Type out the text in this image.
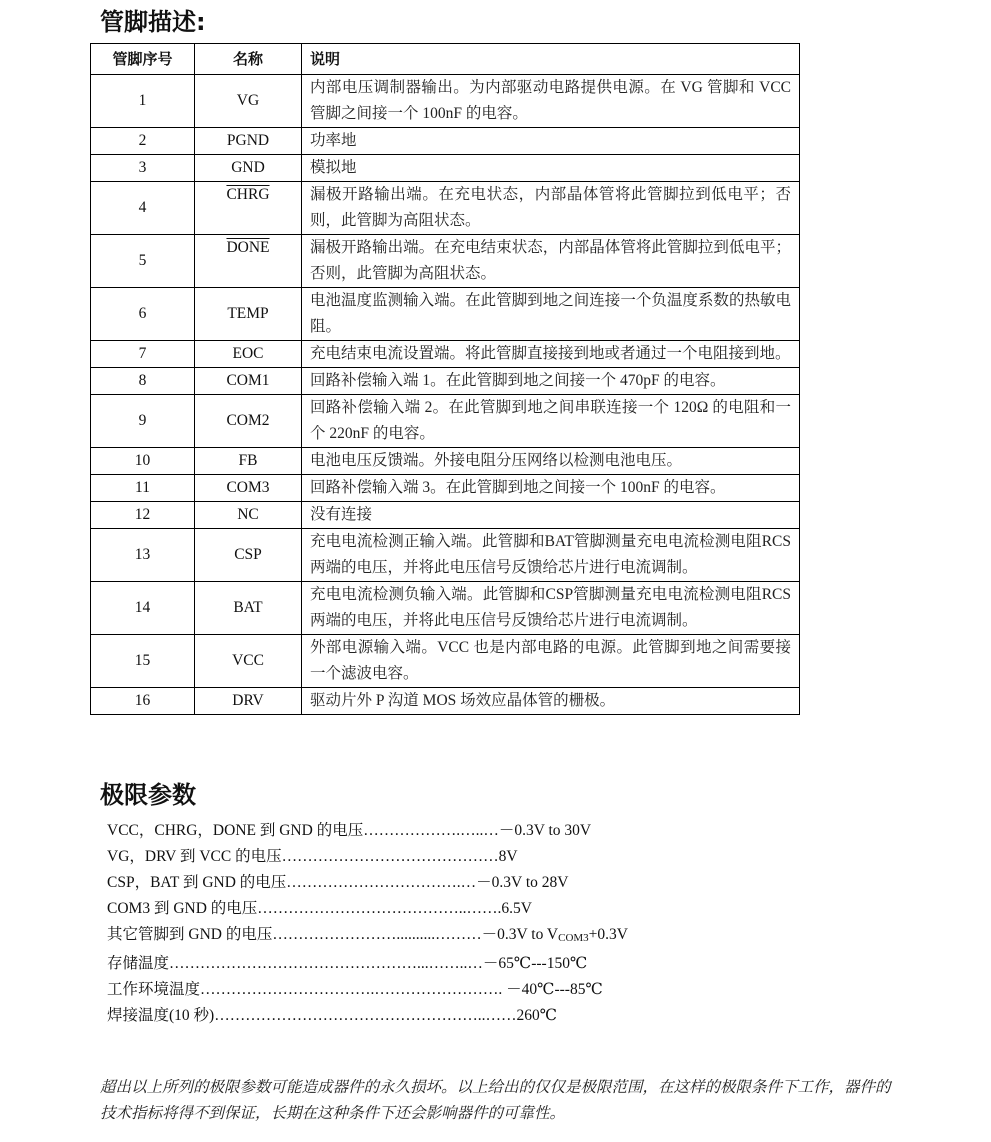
管脚描述:
管脚序号	名称	说明
1	VG	内部电压调制器输出。为内部驱动电路提供电源。在 VG 管脚和 VCC 管脚之间接一个 100nF 的电容。
2	PGND	功率地
3	GND	模拟地
4	CHRG	漏极开路输出端。在充电状态，内部晶体管将此管脚拉到低电平；否则，此管脚为高阻状态。
5	DONE	漏极开路输出端。在充电结束状态，内部晶体管将此管脚拉到低电平；否则，此管脚为高阻状态。
6	TEMP	电池温度监测输入端。在此管脚到地之间连接一个负温度系数的热敏电阻。
7	EOC	充电结束电流设置端。将此管脚直接接到地或者通过一个电阻接到地。
8	COM1	回路补偿输入端 1。在此管脚到地之间接一个 470pF 的电容。
9	COM2	回路补偿输入端 2。在此管脚到地之间串联连接一个 120Ω 的电阻和一个 220nF 的电容。
10	FB	电池电压反馈端。外接电阻分压网络以检测电池电压。
11	COM3	回路补偿输入端 3。在此管脚到地之间接一个 100nF 的电容。
12	NC	没有连接
13	CSP	充电电流检测正输入端。此管脚和BAT管脚测量充电电流检测电阻RCS两端的电压，并将此电压信号反馈给芯片进行电流调制。
14	BAT	充电电流检测负输入端。此管脚和CSP管脚测量充电电流检测电阻RCS两端的电压，并将此电压信号反馈给芯片进行电流调制。
15	VCC	外部电源输入端。VCC 也是内部电路的电源。此管脚到地之间需要接一个滤波电容。
16	DRV	驱动片外 P 沟道 MOS 场效应晶体管的栅极。
极限参数
VCC，CHRG，DONE 到 GND 的电压……………….…..…－0.3V to 30V
VG，DRV 到 VCC 的电压……………………………………8V
CSP，BAT 到 GND 的电压…………………………….…－0.3V to 28V
COM3 到 GND 的电压…………………………………..…….6.5V
其它管脚到 GND 的电压……………………..........………－0.3V to $V_{COM3}+0.3V$
存储温度…………………………………………...……..…－65℃---150℃
工作环境温度…………………………….……………………. －40℃---85℃
焊接温度(10 秒)……………………………………………..……260℃
超出以上所列的极限参数可能造成器件的永久损坏。以上给出的仅仅是极限范围，在这样的极限条件下工作，器件的技术指标将得不到保证，长期在这种条件下还会影响器件的可靠性。
